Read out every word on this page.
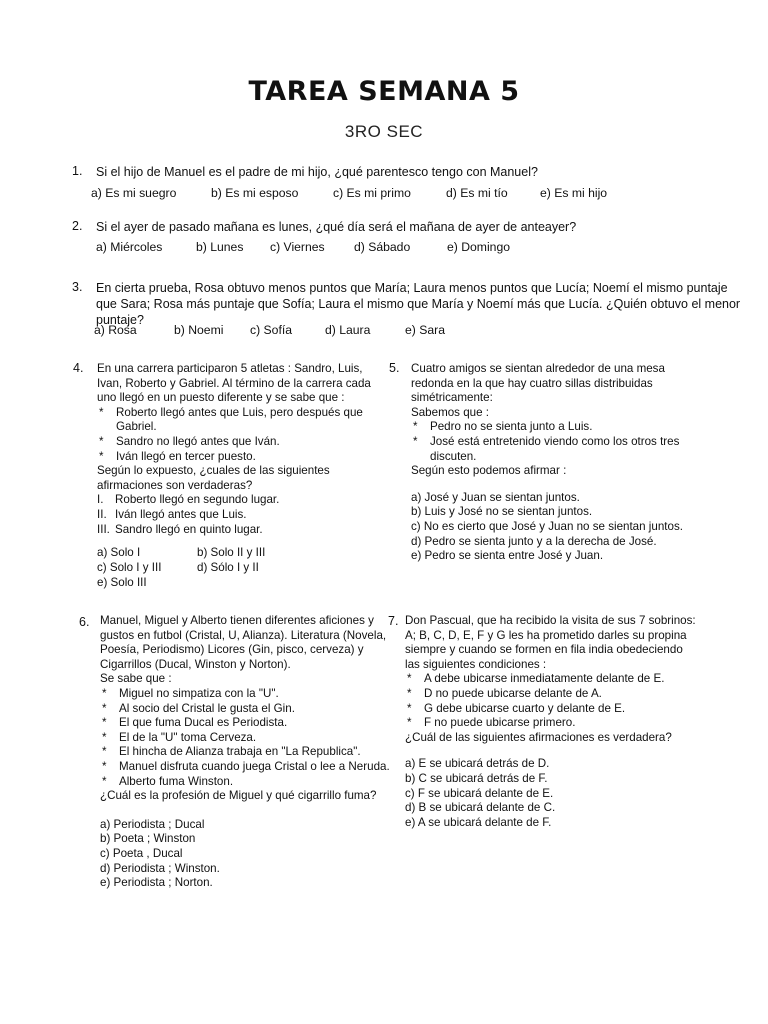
TAREA SEMANA 5
3RO SEC
1. Si el hijo de Manuel es el padre de mi hijo, ¿qué parentesco tengo con Manuel?
a) Es mi suegro	b) Es mi esposo	c) Es mi primo	d) Es mi tío	e) Es mi hijo
2. Si el ayer de pasado mañana es lunes, ¿qué día será el mañana de ayer de anteayer?
a) Miércoles	b) Lunes c) Viernes d) Sábado	e) Domingo
3. En cierta prueba, Rosa obtuvo menos puntos que María; Laura menos puntos que Lucía; Noemí el mismo puntaje
que Sara; Rosa más puntaje que Sofía; Laura el mismo que María y Noemí más que Lucía. ¿Quién obtuvo el menor
puntaje?
a) Rosa	b) Noemi c) Sofía	d) Laura	e) Sara
4. En una carrera participaron 5 atletas : Sandro, Luis,
Ivan, Roberto y Gabriel. Al término de la carrera cada
uno llegó en un puesto diferente y se sabe que :
* Roberto llegó antes que Luis, pero después que
Gabriel.
* Sandro no llegó antes que Iván.
* Iván llegó en tercer puesto.
Según lo expuesto, ¿cuales de las siguientes
afirmaciones son verdaderas?
I. Roberto llegó en segundo lugar.
II. Iván llegó antes que Luis.
III. Sandro llegó en quinto lugar.
a) Solo I	b) Solo II y III
c) Solo I y III	d) Sólo I y II
e) Solo III
5. Cuatro amigos se sientan alrededor de una mesa
redonda en la que hay cuatro sillas distribuidas
simétricamente:
Sabemos que :
* Pedro no se sienta junto a Luis.
* José está entretenido viendo como los otros tres
discuten.
Según esto podemos afirmar :
a) José y Juan se sientan juntos.
b) Luis y José no se sientan juntos.
c) No es cierto que José y Juan no se sientan juntos.
d) Pedro se sienta junto y a la derecha de José.
e) Pedro se sienta entre José y Juan.
6. Manuel, Miguel y Alberto tienen diferentes aficiones y
gustos en futbol (Cristal, U, Alianza). Literatura (Novela,
Poesía, Periodismo) Licores (Gin, pisco, cerveza) y
Cigarrillos (Ducal, Winston y Norton).
Se sabe que :
* Miguel no simpatiza con la "U".
* Al socio del Cristal le gusta el Gin.
* El que fuma Ducal es Periodista.
* El de la "U" toma Cerveza.
* El hincha de Alianza trabaja en "La Republica".
* Manuel disfruta cuando juega Cristal o lee a Neruda.
* Alberto fuma Winston.
¿Cuál es la profesión de Miguel y qué cigarrillo fuma?
a) Periodista ; Ducal
b) Poeta ; Winston
c) Poeta , Ducal
d) Periodista ; Winston.
e) Periodista ; Norton.
7. Don Pascual, que ha recibido la visita de sus 7 sobrinos:
A; B, C, D, E, F y G les ha prometido darles su propina
siempre y cuando se formen en fila india obedeciendo
las siguientes condiciones :
* A debe ubicarse inmediatamente delante de E.
* D no puede ubicarse delante de A.
* G debe ubicarse cuarto y delante de E.
* F no puede ubicarse primero.
¿Cuál de las siguientes afirmaciones es verdadera?
a) E se ubicará detrás de D.
b) C se ubicará detrás de F.
c) F se ubicará delante de E.
d) B se ubicará delante de C.
e) A se ubicará delante de F.
